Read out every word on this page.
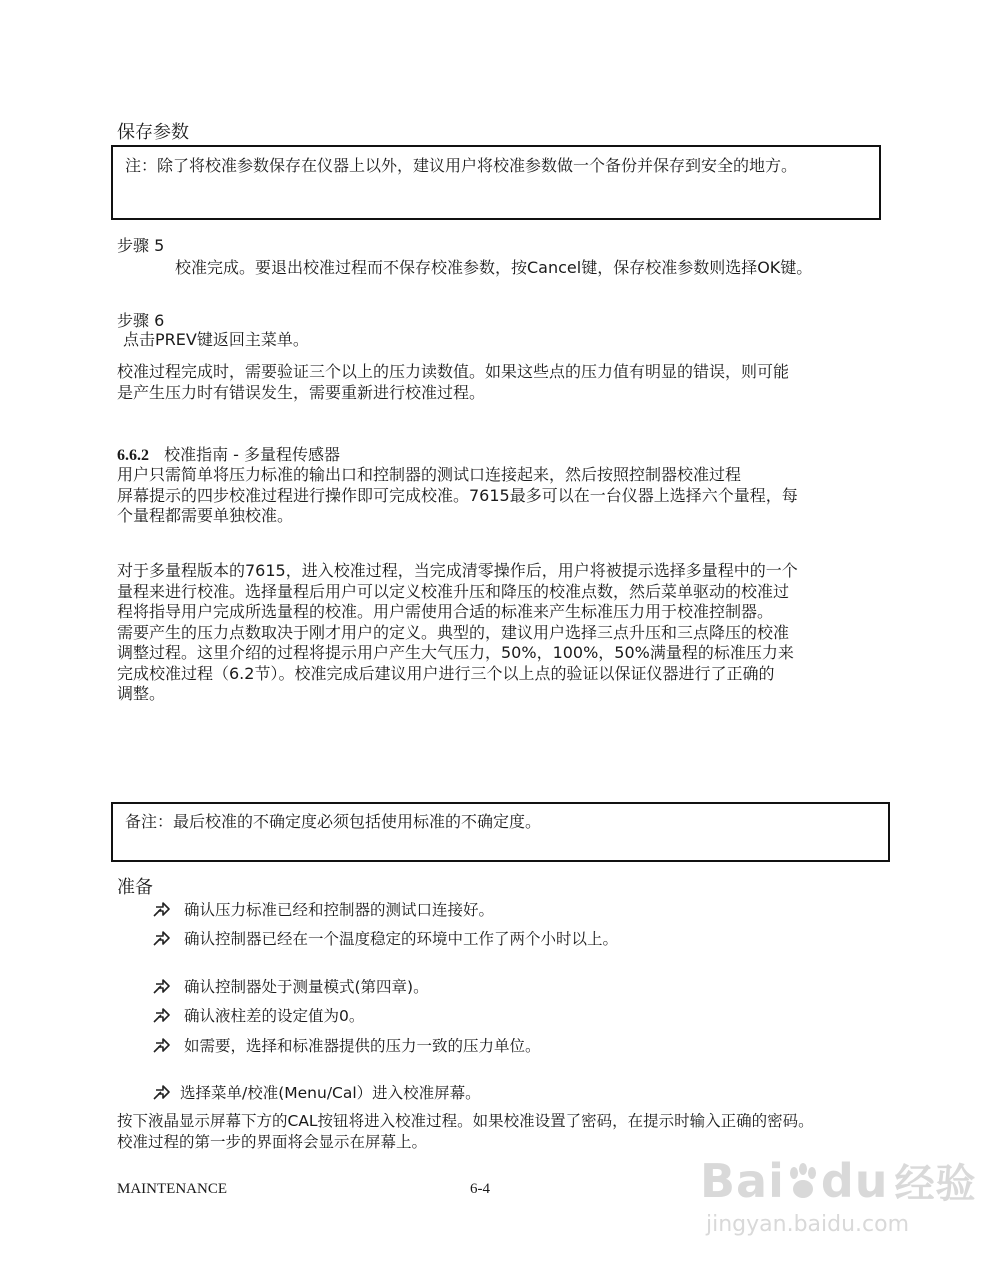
保存参数
注：除了将校准参数保存在仪器上以外，建议用户将校准参数做一个备份并保存到安全的地方。
步骤 5
校准完成。要退出校准过程而不保存校准参数，按Cancel键，保存校准参数则选择OK键。
步骤 6
点击PREV键返回主菜单。
校准过程完成时，需要验证三个以上的压力读数值。如果这些点的压力值有明显的错误，则可能
是产生压力时有错误发生，需要重新进行校准过程。
6.6.2 校准指南 - 多量程传感器
用户只需简单将压力标准的输出口和控制器的测试口连接起来，然后按照控制器校准过程
屏幕提示的四步校准过程进行操作即可完成校准。7615最多可以在一台仪器上选择六个量程，每
个量程都需要单独校准。
对于多量程版本的7615，进入校准过程，当完成清零操作后，用户将被提示选择多量程中的一个
量程来进行校准。选择量程后用户可以定义校准升压和降压的校准点数，然后菜单驱动的校准过
程将指导用户完成所选量程的校准。用户需使用合适的标准来产生标准压力用于校准控制器。
需要产生的压力点数取决于刚才用户的定义。典型的，建议用户选择三点升压和三点降压的校准
调整过程。这里介绍的过程将提示用户产生大气压力，50%，100%，50%满量程的标准压力来
完成校准过程（6.2节）。校准完成后建议用户进行三个以上点的验证以保证仪器进行了正确的
调整。
备注：最后校准的不确定度必须包括使用标准的不确定度。
准备
确认压力标准已经和控制器的测试口连接好。
确认控制器已经在一个温度稳定的环境中工作了两个小时以上。
确认控制器处于测量模式(第四章)。
确认液柱差的设定值为0。
如需要，选择和标准器提供的压力一致的压力单位。
选择菜单/校准(Menu/Cal）进入校准屏幕。
按下液晶显示屏幕下方的CAL按钮将进入校准过程。如果校准设置了密码，在提示时输入正确的密码。
校准过程的第一步的界面将会显示在屏幕上。
MAINTENANCE	6-4	Bai du 经验
jingyan.baidu.com
